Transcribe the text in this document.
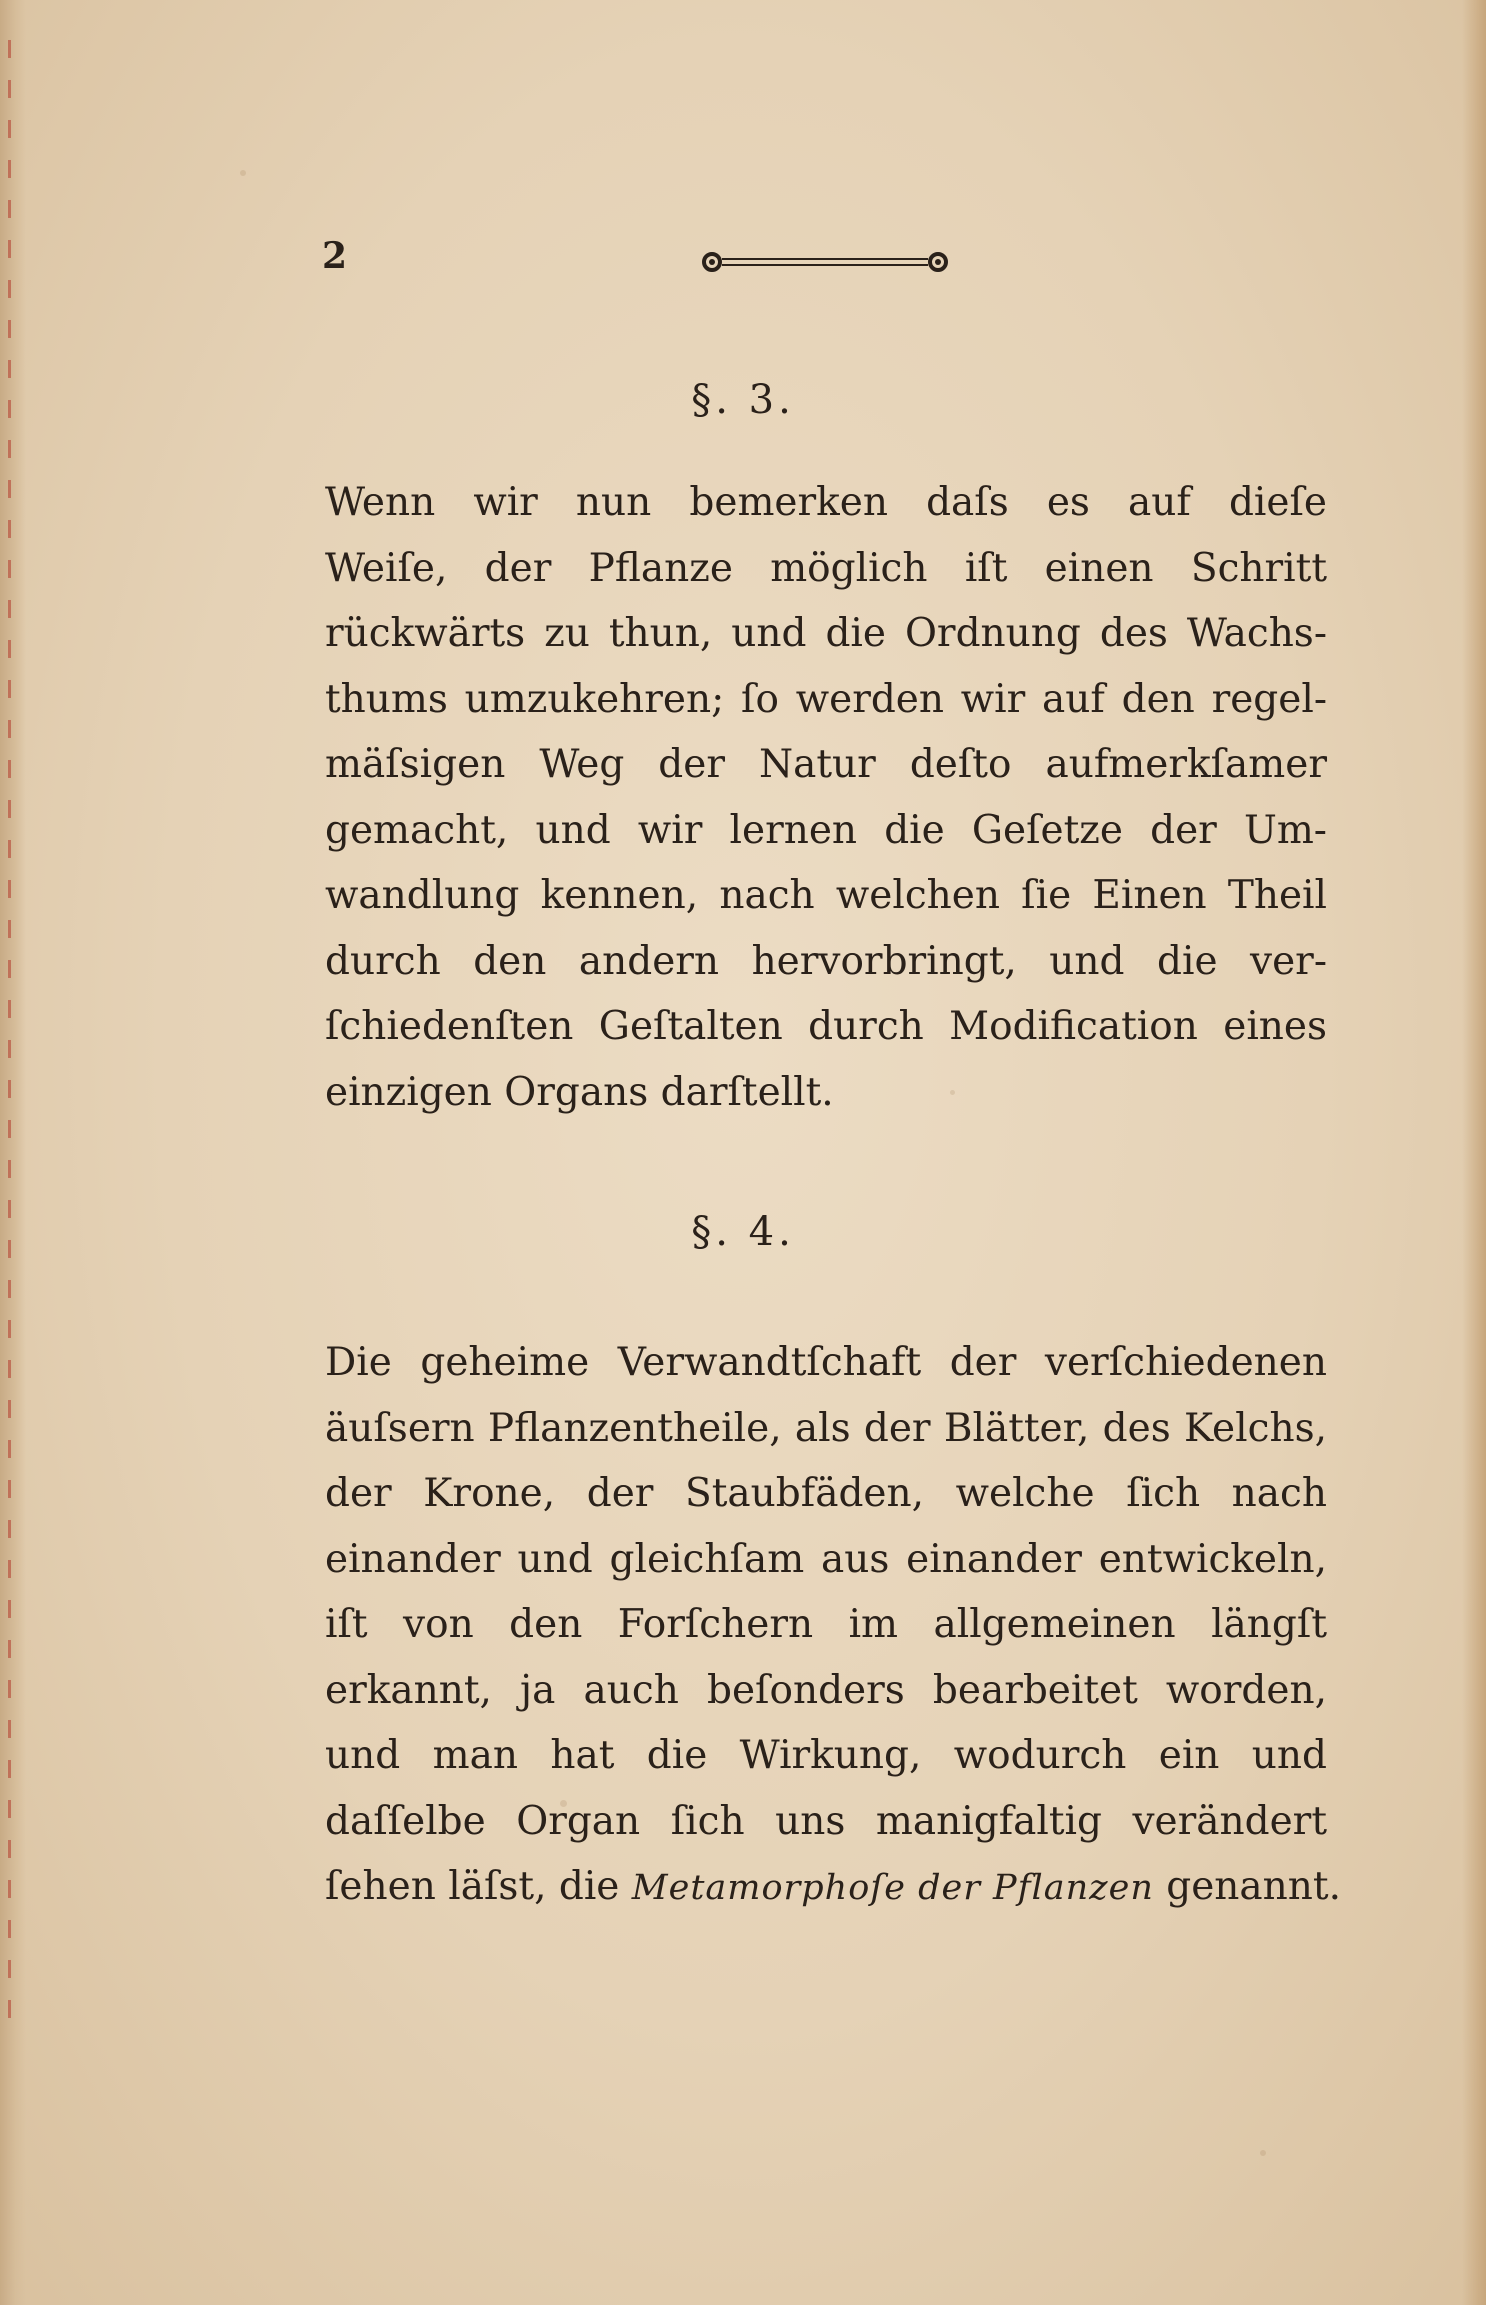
2
§. 3.
Wenn wir nun bemerken daſs es auf dieſe
Weiſe, der Pflanze möglich iſt einen Schritt
rückwärts zu thun, und die Ordnung des Wachs-
thums umzukehren; ſo werden wir auf den regel-
mäſsigen Weg der Natur deſto aufmerkſamer
gemacht, und wir lernen die Geſetze der Um-
wandlung kennen, nach welchen ſie Einen Theil
durch den andern hervorbringt, und die ver-
ſchiedenſten Geſtalten durch Modification eines
einzigen Organs darſtellt.
§. 4.
Die geheime Verwandtſchaft der verſchiedenen
äuſsern Pflanzentheile, als der Blätter, des Kelchs,
der Krone, der Staubfäden, welche ſich nach
einander und gleichſam aus einander entwickeln,
iſt von den Forſchern im allgemeinen längſt
erkannt, ja auch beſonders bearbeitet worden,
und man hat die Wirkung, wodurch ein und
daſſelbe Organ ſich uns manigfaltig verändert
ſehen läſst, die Metamorphoſe der Pflanzen genannt.
